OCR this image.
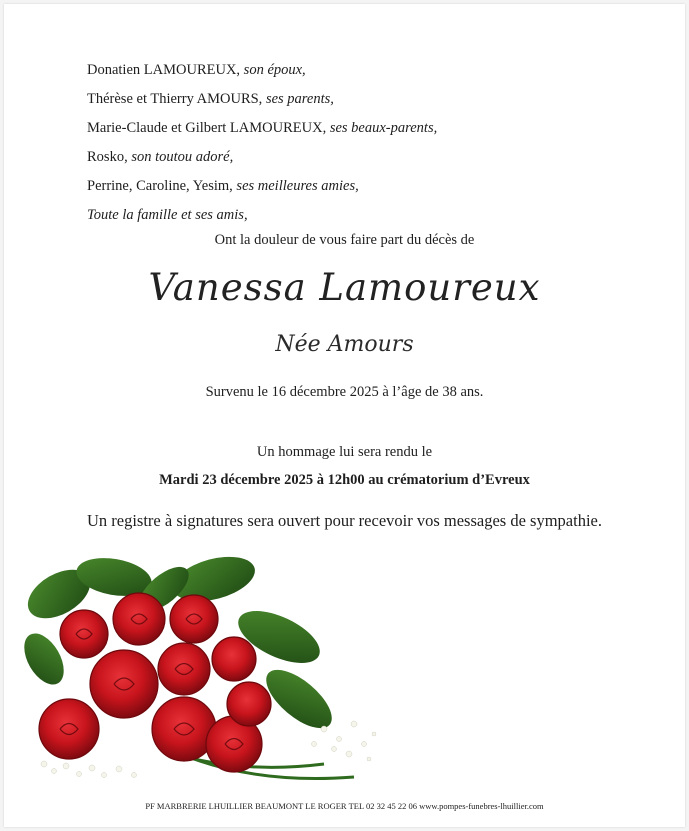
Donatien LAMOUREUX, son époux,
Thérèse et Thierry AMOURS, ses parents,
Marie-Claude et Gilbert LAMOUREUX, ses beaux-parents,
Rosko, son toutou adoré,
Perrine, Caroline, Yesim, ses meilleures amies,
Toute la famille et ses amis,
Ont la douleur de vous faire part du décès de
Vanessa Lamoureux
Née Amours
Survenu le 16 décembre 2025 à l’âge de 38 ans.
Un hommage lui sera rendu le
Mardi 23 décembre 2025 à 12h00 au crématorium d’Evreux
Un registre à signatures sera ouvert pour recevoir vos messages de sympathie.
PF MARBRERIE LHUILLIER BEAUMONT LE ROGER TEL 02 32 45 22 06 www.pompes-funebres-lhuillier.com
